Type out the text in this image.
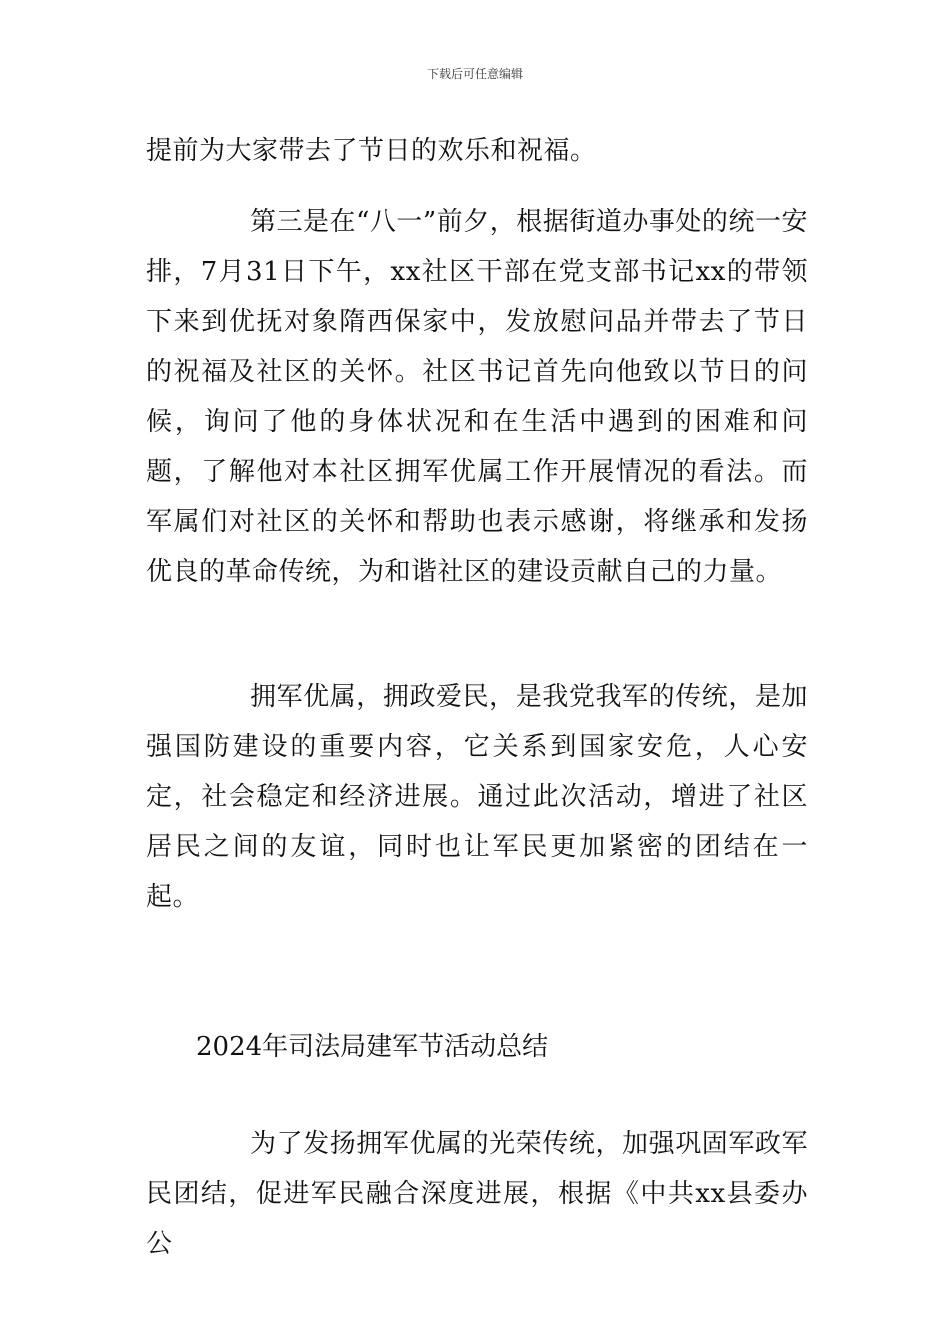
下载后可任意编辑

提前为大家带去了节日的欢乐和祝福。

第三是在“八一”前夕，根据街道办事处的统一安排，7月31日下午，xx社区干部在党支部书记xx的带领下来到优抚对象隋西保家中，发放慰问品并带去了节日的祝福及社区的关怀。社区书记首先向他致以节日的问候，询问了他的身体状况和在生活中遇到的困难和问题，了解他对本社区拥军优属工作开展情况的看法。而军属们对社区的关怀和帮助也表示感谢，将继承和发扬优良的革命传统，为和谐社区的建设贡献自己的力量。

拥军优属，拥政爱民，是我党我军的传统，是加强国防建设的重要内容，它关系到国家安危，人心安定，社会稳定和经济进展。通过此次活动，增进了社区居民之间的友谊，同时也让军民更加紧密的团结在一起。

2024年司法局建军节活动总结

为了发扬拥军优属的光荣传统，加强巩固军政军民团结，促进军民融合深度进展，根据《中共xx县委办公
